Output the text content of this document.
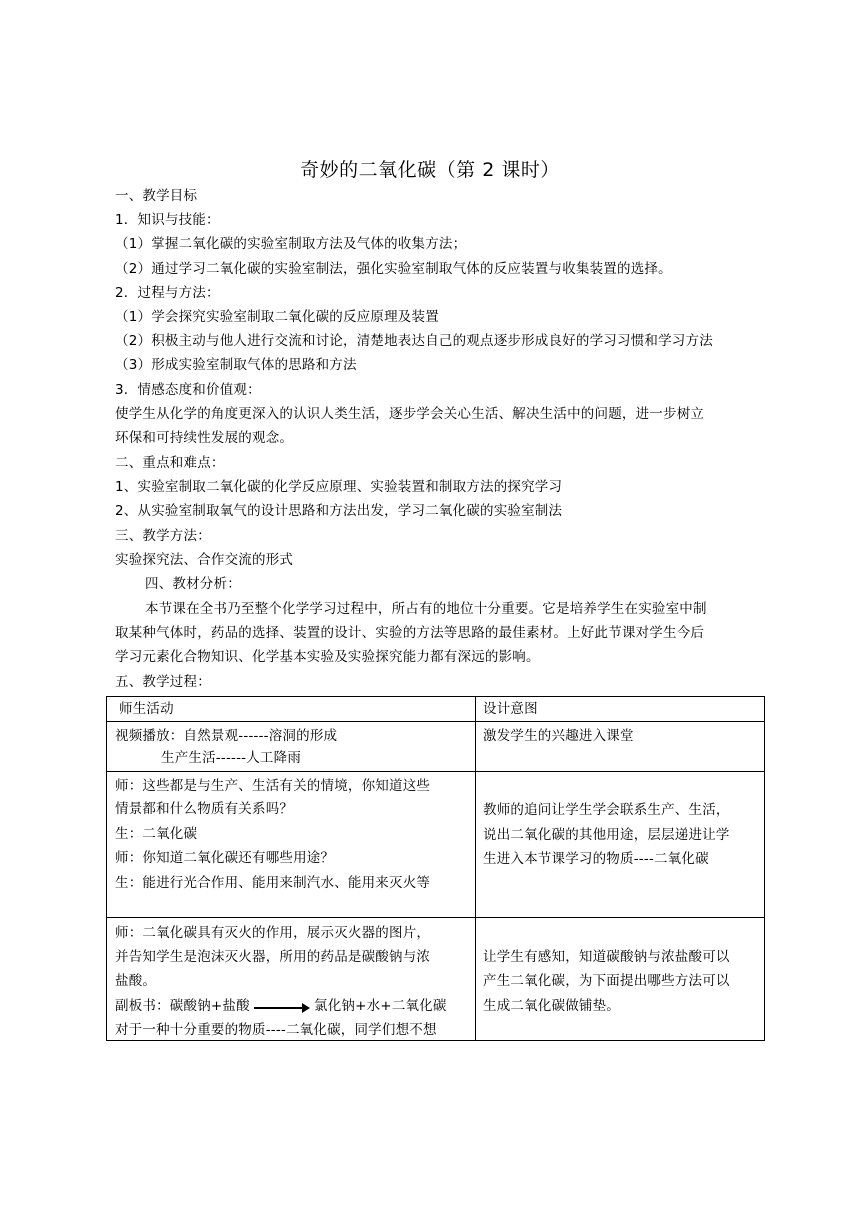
奇妙的二氧化碳（第 2 课时）
一、教学目标
1．知识与技能：
（1）掌握二氧化碳的实验室制取方法及气体的收集方法；
（2）通过学习二氧化碳的实验室制法，强化实验室制取气体的反应装置与收集装置的选择。
2．过程与方法：
（1）学会探究实验室制取二氧化碳的反应原理及装置
（2）积极主动与他人进行交流和讨论，清楚地表达自己的观点逐步形成良好的学习习惯和学习方法
（3）形成实验室制取气体的思路和方法
3．情感态度和价值观：
使学生从化学的角度更深入的认识人类生活，逐步学会关心生活、解决生活中的问题，进一步树立
环保和可持续性发展的观念。
二、重点和难点：
1、实验室制取二氧化碳的化学反应原理、实验装置和制取方法的探究学习
2、从实验室制取氧气的设计思路和方法出发，学习二氧化碳的实验室制法
三、教学方法：
实验探究法、合作交流的形式
四、教材分析：
本节课在全书乃至整个化学学习过程中，所占有的地位十分重要。它是培养学生在实验室中制
取某种气体时，药品的选择、装置的设计、实验的方法等思路的最佳素材。上好此节课对学生今后
学习元素化合物知识、化学基本实验及实验探究能力都有深远的影响。
五、教学过程：
师生活动	设计意图
视频播放：自然景观------溶洞的形成
生产生活------人工降雨
激发学生的兴趣进入课堂
师：这些都是与生产、生活有关的情境，你知道这些
情景都和什么物质有关系吗？
生：二氧化碳
师：你知道二氧化碳还有哪些用途？
生：能进行光合作用、能用来制汽水、能用来灭火等
教师的追问让学生学会联系生产、生活，
说出二氧化碳的其他用途，层层递进让学
生进入本节课学习的物质----二氧化碳
师：二氧化碳具有灭火的作用，展示灭火器的图片，
并告知学生是泡沫灭火器，所用的药品是碳酸钠与浓
盐酸。
副板书：碳酸钠+盐酸 → 氯化钠+水+二氧化碳
对于一种十分重要的物质----二氧化碳，同学们想不想
让学生有感知，知道碳酸钠与浓盐酸可以
产生二氧化碳，为下面提出哪些方法可以
生成二氧化碳做铺垫。
